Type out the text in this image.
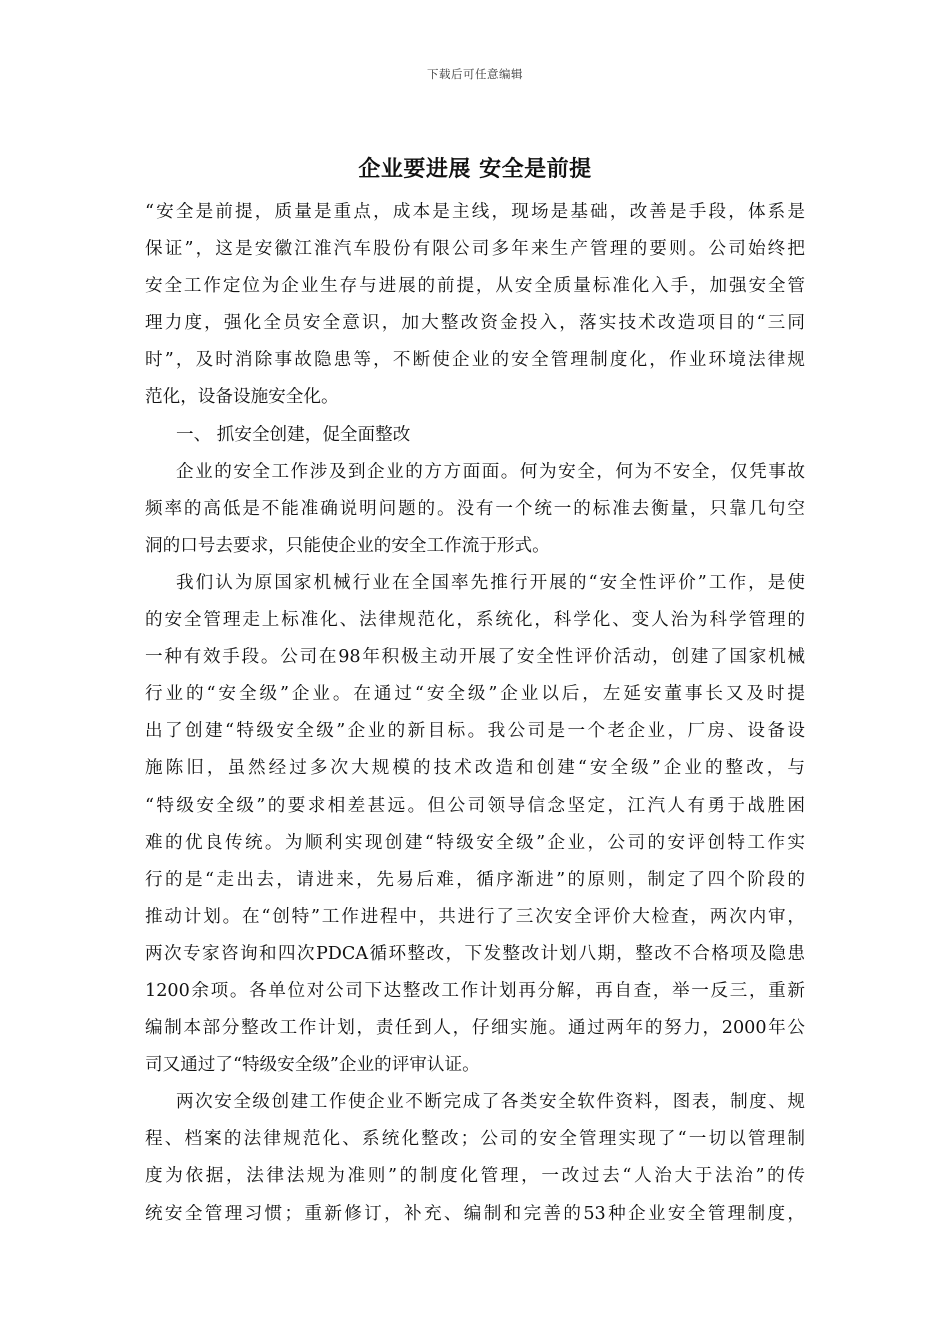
下载后可任意编辑
企业要进展 安全是前提
“安全是前提，质量是重点，成本是主线，现场是基础，改善是手段，体系是
保证”，这是安徽江淮汽车股份有限公司多年来生产管理的要则。公司始终把
安全工作定位为企业生存与进展的前提，从安全质量标准化入手，加强安全管
理力度，强化全员安全意识，加大整改资金投入，落实技术改造项目的“三同
时”，及时消除事故隐患等，不断使企业的安全管理制度化，作业环境法律规
范化，设备设施安全化。
一、 抓安全创建，促全面整改
企业的安全工作涉及到企业的方方面面。何为安全，何为不安全，仅凭事故
频率的高低是不能准确说明问题的。没有一个统一的标准去衡量，只靠几句空
洞的口号去要求，只能使企业的安全工作流于形式。
我们认为原国家机械行业在全国率先推行开展的“安全性评价”工作，是使
的安全管理走上标准化、法律规范化，系统化，科学化、变人治为科学管理的
一种有效手段。公司在98年积极主动开展了安全性评价活动，创建了国家机械
行业的“安全级”企业。在通过“安全级”企业以后，左延安董事长又及时提
出了创建“特级安全级”企业的新目标。我公司是一个老企业，厂房、设备设
施陈旧，虽然经过多次大规模的技术改造和创建“安全级”企业的整改，与
“特级安全级”的要求相差甚远。但公司领导信念坚定，江汽人有勇于战胜困
难的优良传统。为顺利实现创建“特级安全级”企业，公司的安评创特工作实
行的是“走出去，请进来，先易后难，循序渐进”的原则，制定了四个阶段的
推动计划。在“创特”工作进程中，共进行了三次安全评价大检查，两次内审，
两次专家咨询和四次PDCA循环整改，下发整改计划八期，整改不合格项及隐患
1200余项。各单位对公司下达整改工作计划再分解，再自查，举一反三，重新
编制本部分整改工作计划，责任到人，仔细实施。通过两年的努力，2000年公
司又通过了“特级安全级”企业的评审认证。
两次安全级创建工作使企业不断完成了各类安全软件资料，图表，制度、规
程、档案的法律规范化、系统化整改；公司的安全管理实现了“一切以管理制
度为依据，法律法规为准则”的制度化管理，一改过去“人治大于法治”的传
统安全管理习惯；重新修订，补充、编制和完善的53种企业安全管理制度，
